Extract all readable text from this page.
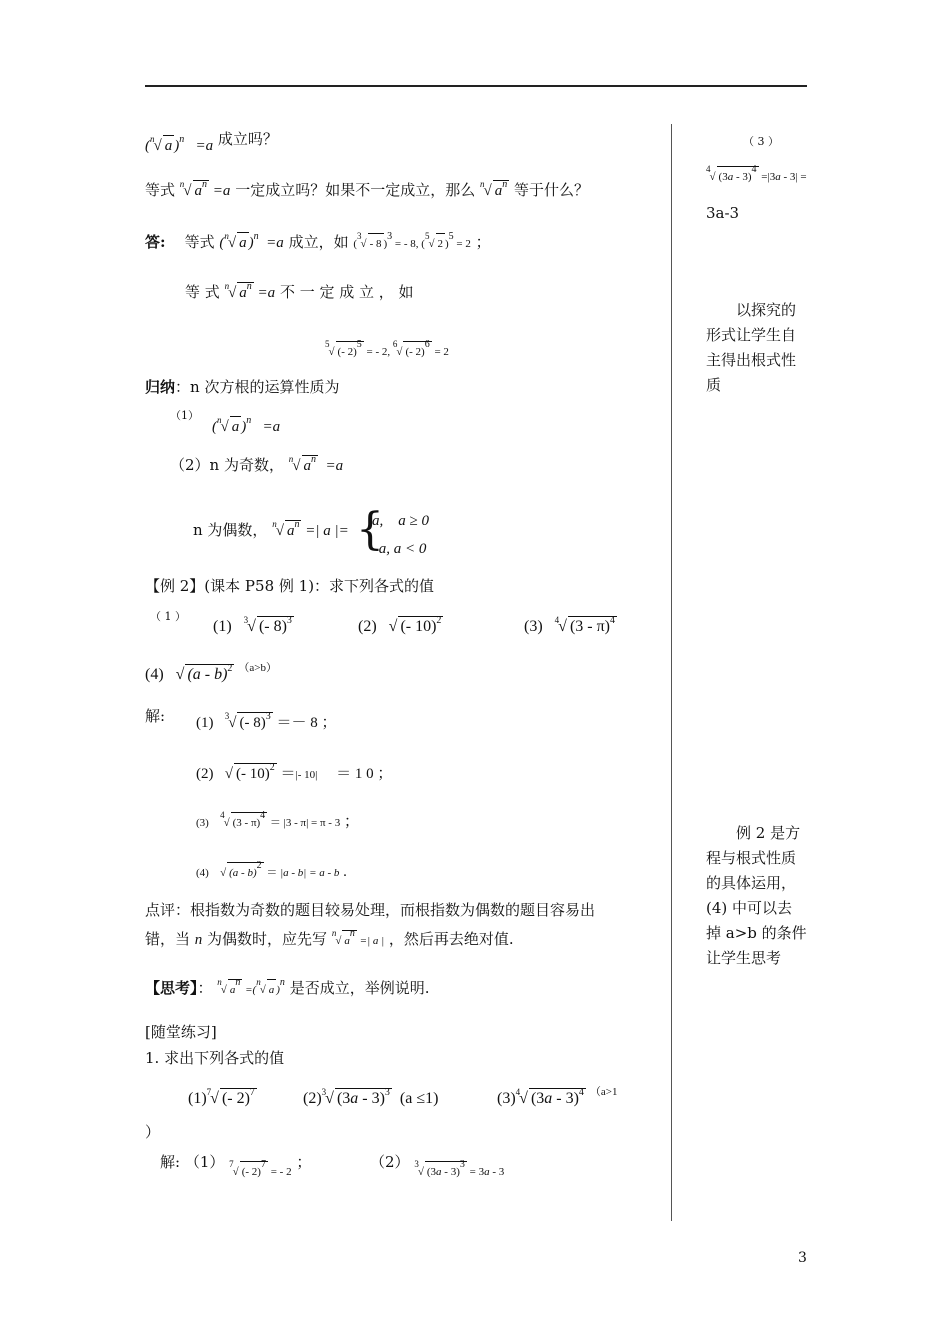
($^n$√ a )$^n$   =a 成立吗？
等式 $^n$√ $a^n =a$ 一定成立吗？如果不一定成立，那么 $^n$√ $a^n$ 等于什么？
答: 等式 ($^n$√ a )$^n$  =a 成立，如 ($^3$√ - 8 )3 = - 8, ($^5$√ 2 )5 = 2 ；
等 式 $^n$√ $a^n =a$ 不 一 定 成 立 ， 如
$^5$√ (- 2)5 = - 2, $^6$√ (- 2)6 = 2
归纳：n 次方根的运算性质为
（1）
($^n$√ a )$^n$   =a
（2）n 为奇数， $^n$√ $a^n =a$
n 为偶数， $^n$√ $a^n$ =| a |= {
a,    a ≥ 0
- a, a < 0
【例 2】(课本 P58 例 1)：求下列各式的值
（ 1 ）
(1) $^3$√ (- 8)$^3$	(2)   √ (- 10)$^2$	(3) $^4$√ (3 - π)$^4$
(4)   √ (a - b)$^2$ $^{(a>b)}$
解: (1)   $^3$√ (- 8)$^3$ ＝－ 8 ；
(2)   √ (- 10)$^2$ ＝|- 10| ＝ 1 0 ；
(3)   $^4$√ (3 - π)4 ＝ |3 - π| = π - 3 ；
(4) √ (a - b)2 ＝ |a - b| = a - b .
点评：根指数为奇数的题目较易处理，而根指数为偶数的题目容易出
错，当 n 为偶数时，应先写 $^n$√ an =| a | ，然后再去绝对值.
【思考】： $^n$√ an =($^n$√ a )n 是否成立，举例说明.
[随堂练习]
1. 求出下列各式的值
$(1)^7√$ (- 2)$^7$	$(2)^3√$ (3a - 3)$^3$ (a ≤1)	$(3)^4√$ (3a - 3)$^4$ $^{(a>1}$
）
解: （1） $_{^7√ (- 2)7 = - 2}$ ；	（2） $_{^3√ (3a - 3)3 = 3a - 3}$
（ 3 ）
$^4$√ (3a - 3)4 =|3a - 3| =
3a-3
以探究的
形式让学生自
主得出根式性
质
例 2 是方
程与根式性质
的具体运用，
(4) 中可以去
掉 a>b 的条件
让学生思考
3
